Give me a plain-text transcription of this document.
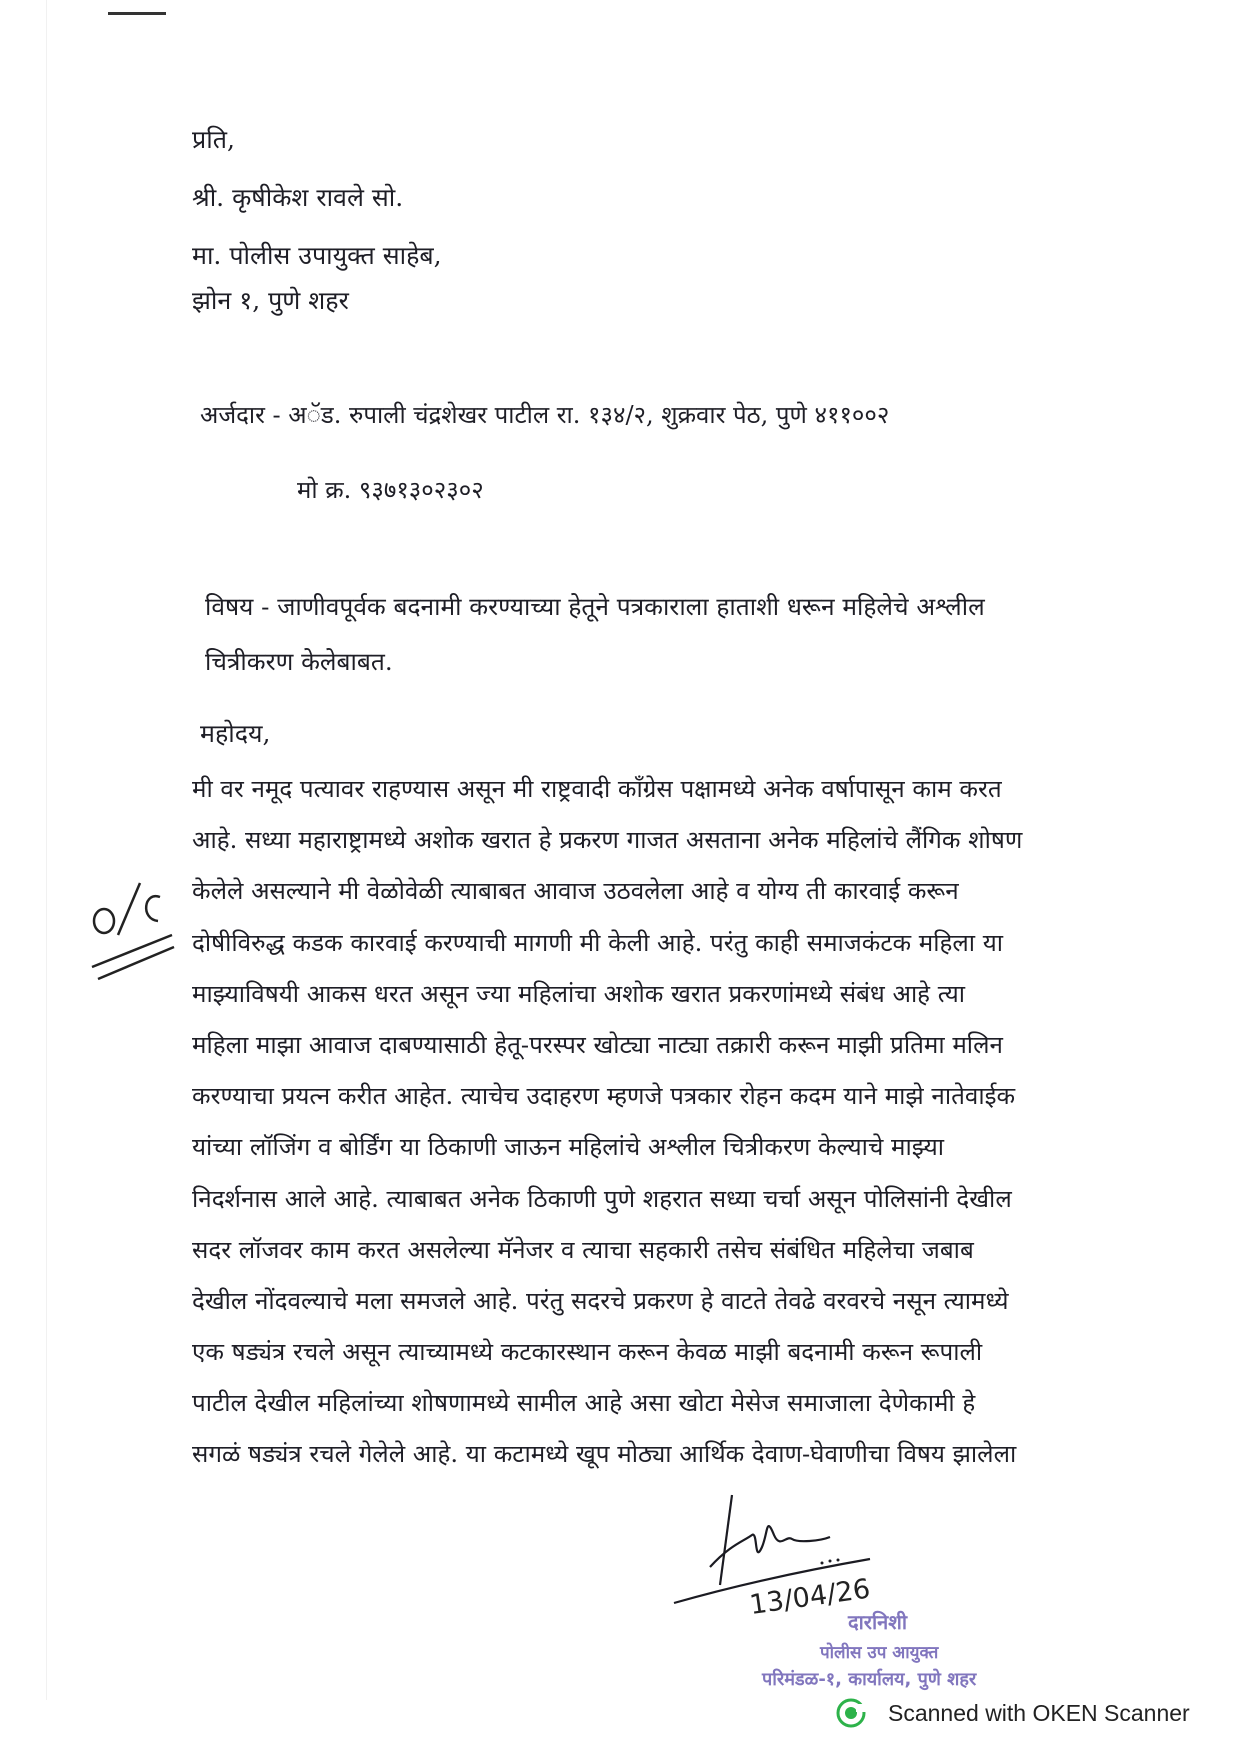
प्रति,
श्री. कृषीकेश रावले सो.
मा. पोलीस उपायुक्त साहेब,
झोन १, पुणे शहर
अर्जदार - अॅड. रुपाली चंद्रशेखर पाटील रा. १३४/२, शुक्रवार पेठ, पुणे ४११००२
मो क्र. ९३७१३०२३०२
विषय - जाणीवपूर्वक बदनामी करण्याच्या हेतूने पत्रकाराला हाताशी धरून महिलेचे अश्लील
चित्रीकरण केलेबाबत.
महोदय,
मी वर नमूद पत्यावर राहण्यास असून मी राष्ट्रवादी कॉंग्रेस पक्षामध्ये अनेक वर्षापासून काम करत
आहे. सध्या महाराष्ट्रामध्ये अशोक खरात हे प्रकरण गाजत असताना अनेक महिलांचे लैंगिक शोषण
केलेले असल्याने मी वेळोवेळी त्याबाबत आवाज उठवलेला आहे व योग्य ती कारवाई करून
दोषीविरुद्ध कडक कारवाई करण्याची मागणी मी केली आहे. परंतु काही समाजकंटक महिला या
माझ्याविषयी आकस धरत असून ज्या महिलांचा अशोक खरात प्रकरणांमध्ये संबंध आहे त्या
महिला माझा आवाज दाबण्यासाठी हेतू-परस्पर खोट्या नाट्या तक्रारी करून माझी प्रतिमा मलिन
करण्याचा प्रयत्न करीत आहेत. त्याचेच उदाहरण म्हणजे पत्रकार रोहन कदम याने माझे नातेवाईक
यांच्या लॉजिंग व बोर्डिंग या ठिकाणी जाऊन महिलांचे अश्लील चित्रीकरण केल्याचे माझ्या
निदर्शनास आले आहे. त्याबाबत अनेक ठिकाणी पुणे शहरात सध्या चर्चा असून पोलिसांनी देखील
सदर लॉजवर काम करत असलेल्या मॅनेजर व त्याचा सहकारी तसेच संबंधित महिलेचा जबाब
देखील नोंदवल्याचे मला समजले आहे. परंतु सदरचे प्रकरण हे वाटते तेवढे वरवरचे नसून त्यामध्ये
एक षड्यंत्र रचले असून त्याच्यामध्ये कटकारस्थान करून केवळ माझी बदनामी करून रूपाली
पाटील देखील महिलांच्या शोषणामध्ये सामील आहे असा खोटा मेसेज समाजाला देणेकामी हे
सगळं षड्यंत्र रचले गेलेले आहे. या कटामध्ये खूप मोठ्या आर्थिक देवाण-घेवाणीचा विषय झालेला
13/04/26
दारनिशी
पोलीस उप आयुक्त
परिमंडळ-१, कार्यालय, पुणे शहर
Scanned with OKEN Scanner
